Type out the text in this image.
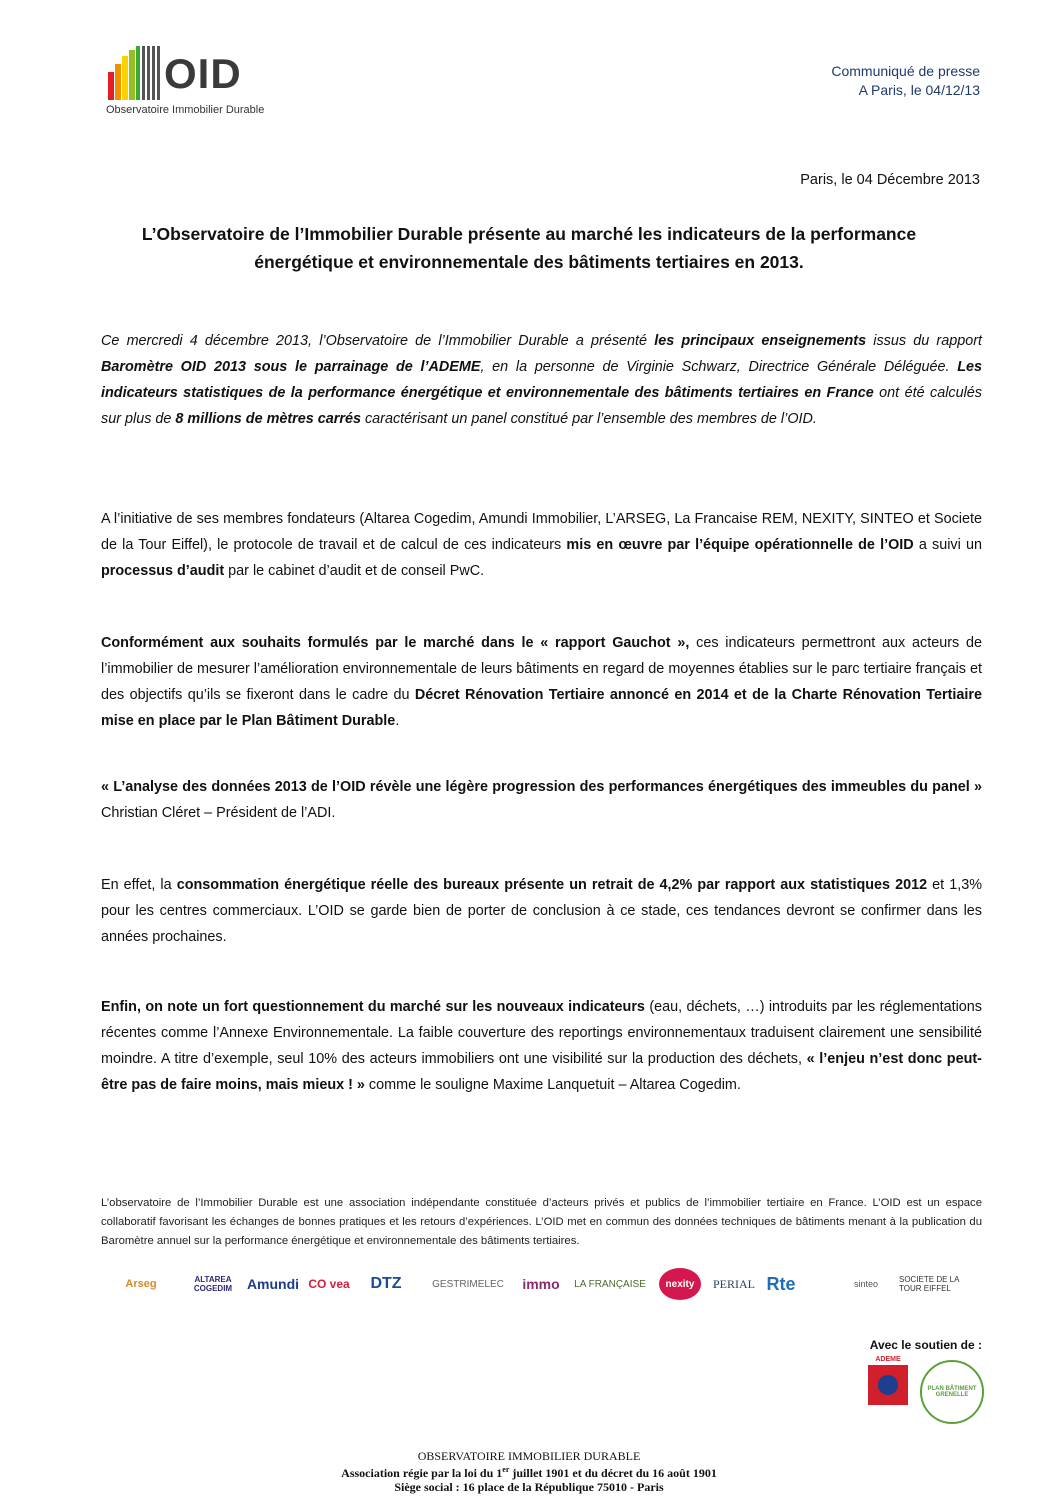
OID
Observatoire Immobilier Durable
Communiqué de presse
A Paris, le 04/12/13
Paris, le 04 Décembre 2013
L’Observatoire de l’Immobilier Durable présente au marché les indicateurs de la performance
énergétique et environnementale des bâtiments tertiaires en 2013.
Ce mercredi 4 décembre 2013, l’Observatoire de l’Immobilier Durable a présenté les principaux enseignements issus du rapport Baromètre OID 2013 sous le parrainage de l’ADEME, en la personne de Virginie Schwarz, Directrice Générale Déléguée. Les indicateurs statistiques de la performance énergétique et environnementale des bâtiments tertiaires en France ont été calculés sur plus de 8 millions de mètres carrés caractérisant un panel constitué par l’ensemble des membres de l’OID.
A l’initiative de ses membres fondateurs (Altarea Cogedim, Amundi Immobilier, L’ARSEG, La Francaise REM, NEXITY, SINTEO et Societe de la Tour Eiffel), le protocole de travail et de calcul de ces indicateurs mis en œuvre par l’équipe opérationnelle de l’OID a suivi un processus d’audit par le cabinet d’audit et de conseil PwC.
Conformément aux souhaits formulés par le marché dans le « rapport Gauchot », ces indicateurs permettront aux acteurs de l’immobilier de mesurer l’amélioration environnementale de leurs bâtiments en regard de moyennes établies sur le parc tertiaire français et des objectifs qu’ils se fixeront dans le cadre du Décret Rénovation Tertiaire annoncé en 2014 et de la Charte Rénovation Tertiaire mise en place par le Plan Bâtiment Durable.
« L’analyse des données 2013 de l’OID révèle une légère progression des performances énergétiques des immeubles du panel » Christian Cléret – Président de l’ADI.
En effet, la consommation énergétique réelle des bureaux présente un retrait de 4,2% par rapport aux statistiques 2012 et 1,3% pour les centres commerciaux. L’OID se garde bien de porter de conclusion à ce stade, ces tendances devront se confirmer dans les années prochaines.
Enfin, on note un fort questionnement du marché sur les nouveaux indicateurs (eau, déchets, …) introduits par les réglementations récentes comme l’Annexe Environnementale. La faible couverture des reportings environnementaux traduisent clairement une sensibilité moindre. A titre d’exemple, seul 10% des acteurs immobiliers ont une visibilité sur la production des déchets, « l’enjeu n’est donc peut-être pas de faire moins, mais mieux ! » comme le souligne Maxime Lanquetuit – Altarea Cogedim.
L’observatoire de l’Immobilier Durable est une association indépendante constituée d’acteurs privés et publics de l’immobilier tertiaire en France. L’OID est un espace collaboratif favorisant les échanges de bonnes pratiques et les retours d’expériences. L’OID met en commun des données techniques de bâtiments menant à la publication du Baromètre annuel sur la performance énergétique et environnementale des bâtiments tertiaires.
Arseg	ALTAREA COGEDIM	Amundi CO vea DTZ	GESTRIMELEC immo LA FRANÇAISE	nexity	PERIAL Rte	sinteo	SOCIETE DE LA TOUR EIFFEL
Avec le soutien de :
ADEME
PLAN BÂTIMENT GRENELLE
OBSERVATOIRE IMMOBILIER DURABLE
Association régie par la loi du 1er juillet 1901 et du décret du 16 août 1901
Siège social : 16 place de la République 75010 - Paris
